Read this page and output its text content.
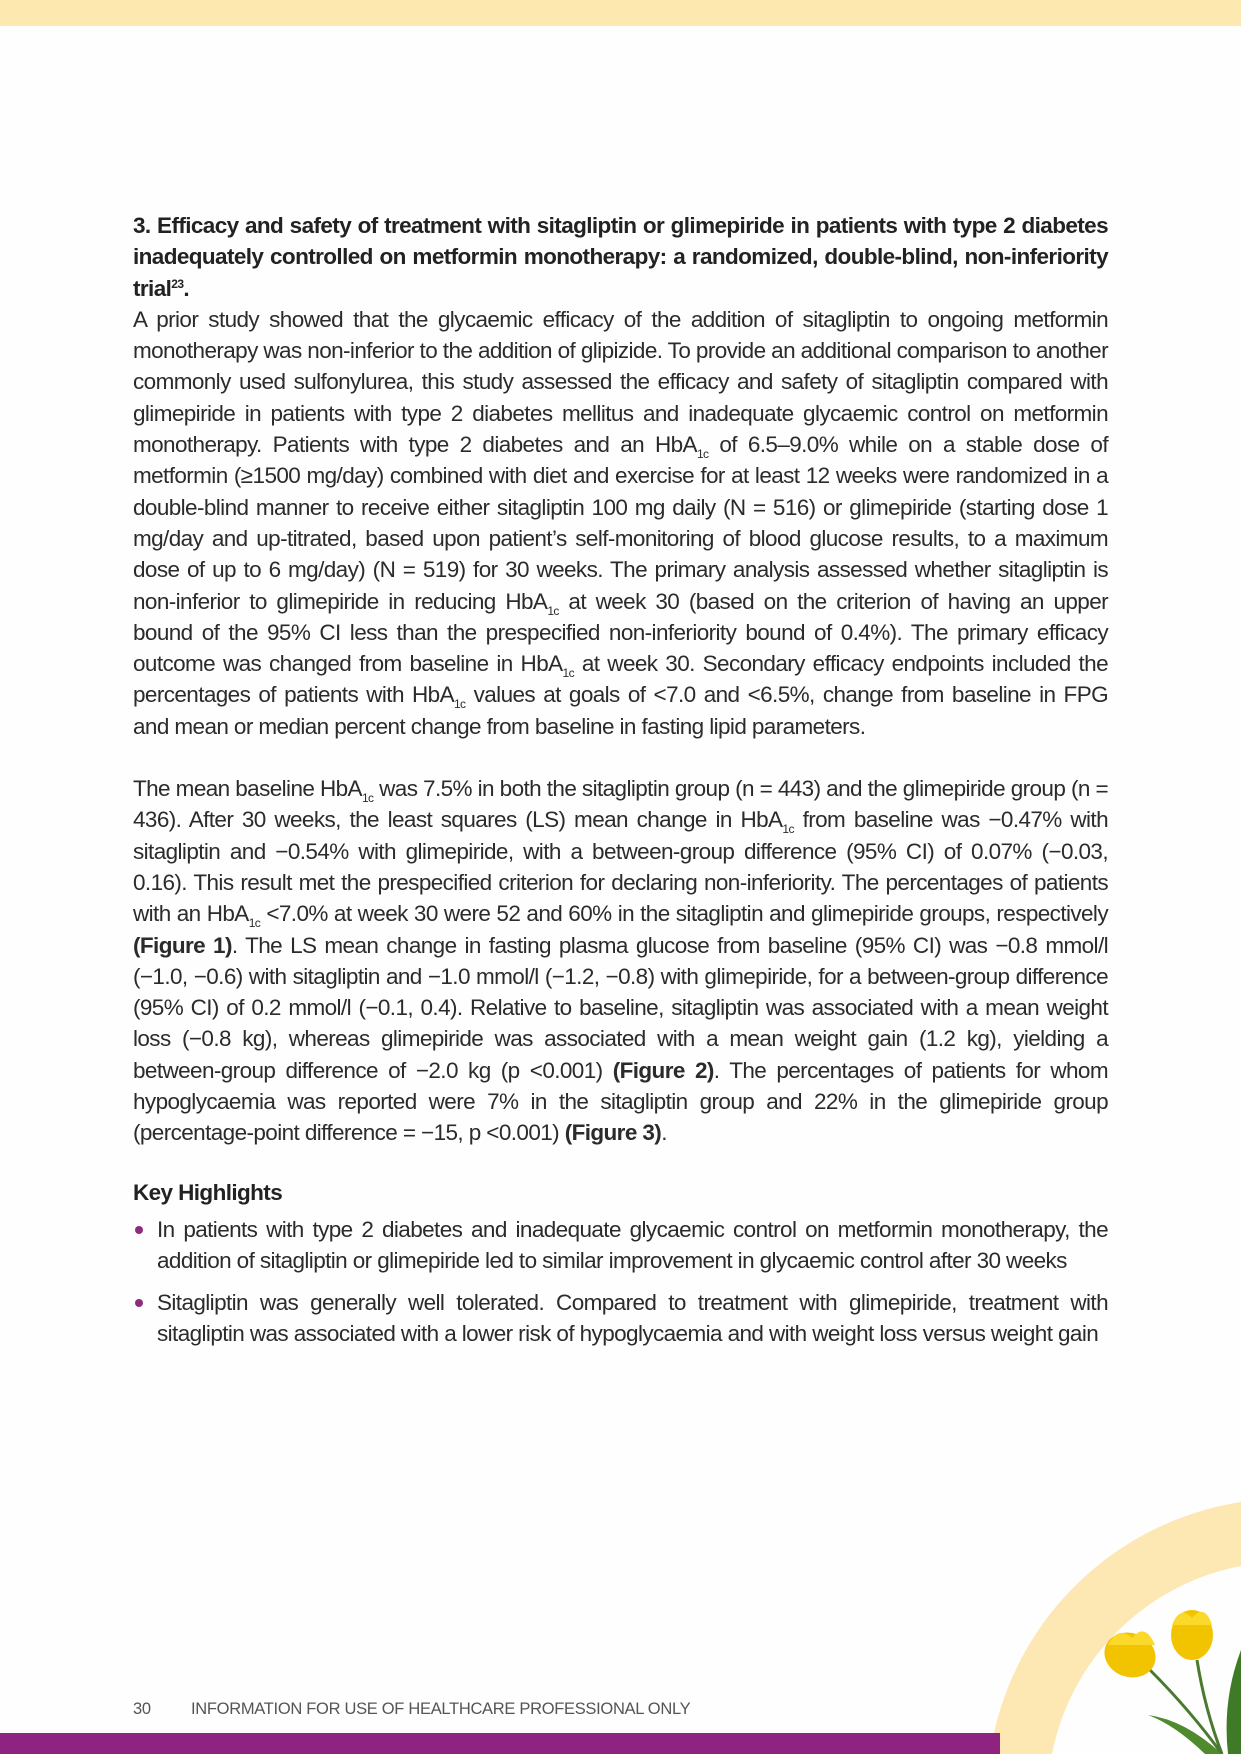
3. Efficacy and safety of treatment with sitagliptin or glimepiride in patients with type 2 diabetes inadequately controlled on metformin monotherapy: a randomized, double-blind, non-inferiority trial$^{23}$.

A prior study showed that the glycaemic efficacy of the addition of sitagliptin to ongoing metformin monotherapy was non-inferior to the addition of glipizide. To provide an additional comparison to another commonly used sulfonylurea, this study assessed the efficacy and safety of sitagliptin compared with glimepiride in patients with type 2 diabetes mellitus and inadequate glycaemic control on metformin monotherapy. Patients with type 2 diabetes and an HbA$_{1c}$ of 6.5–9.0% while on a stable dose of metformin (≥1500 mg/day) combined with diet and exercise for at least 12 weeks were randomized in a double-blind manner to receive either sitagliptin 100 mg daily (N = 516) or glimepiride (starting dose 1 mg/day and up-titrated, based upon patient’s self-monitoring of blood glucose results, to a maximum dose of up to 6 mg/day) (N = 519) for 30 weeks. The primary analysis assessed whether sitagliptin is non-inferior to glimepiride in reducing HbA$_{1c}$ at week 30 (based on the criterion of having an upper bound of the 95% CI less than the prespecified non-inferiority bound of 0.4%). The primary efficacy outcome was changed from baseline in HbA$_{1c}$ at week 30. Secondary efficacy endpoints included the percentages of patients with HbA$_{1c}$ values at goals of <7.0 and <6.5%, change from baseline in FPG and mean or median percent change from baseline in fasting lipid parameters.

The mean baseline HbA$_{1c}$ was 7.5% in both the sitagliptin group (n = 443) and the glimepiride group (n = 436). After 30 weeks, the least squares (LS) mean change in HbA$_{1c}$ from baseline was −0.47% with sitagliptin and −0.54% with glimepiride, with a between-group difference (95% CI) of 0.07% (−0.03, 0.16). This result met the prespecified criterion for declaring non-inferiority. The percentages of patients with an HbA$_{1c}$ <7.0% at week 30 were 52 and 60% in the sitagliptin and glimepiride groups, respectively (Figure 1). The LS mean change in fasting plasma glucose from baseline (95% CI) was −0.8 mmol/l (−1.0, −0.6) with sitagliptin and −1.0 mmol/l (−1.2, −0.8) with glimepiride, for a between-group difference (95% CI) of 0.2 mmol/l (−0.1, 0.4). Relative to baseline, sitagliptin was associated with a mean weight loss (−0.8 kg), whereas glimepiride was associated with a mean weight gain (1.2 kg), yielding a between-group difference of −2.0 kg (p <0.001) (Figure 2). The percentages of patients for whom hypoglycaemia was reported were 7% in the sitagliptin group and 22% in the glimepiride group (percentage-point difference = −15, p <0.001) (Figure 3).

Key Highlights
In patients with type 2 diabetes and inadequate glycaemic control on metformin monotherapy, the addition of sitagliptin or glimepiride led to similar improvement in glycaemic control after 30 weeks
Sitagliptin was generally well tolerated. Compared to treatment with glimepiride, treatment with sitagliptin was associated with a lower risk of hypoglycaemia and with weight loss versus weight gain
30 INFORMATION FOR USE OF HEALTHCARE PROFESSIONAL ONLY
